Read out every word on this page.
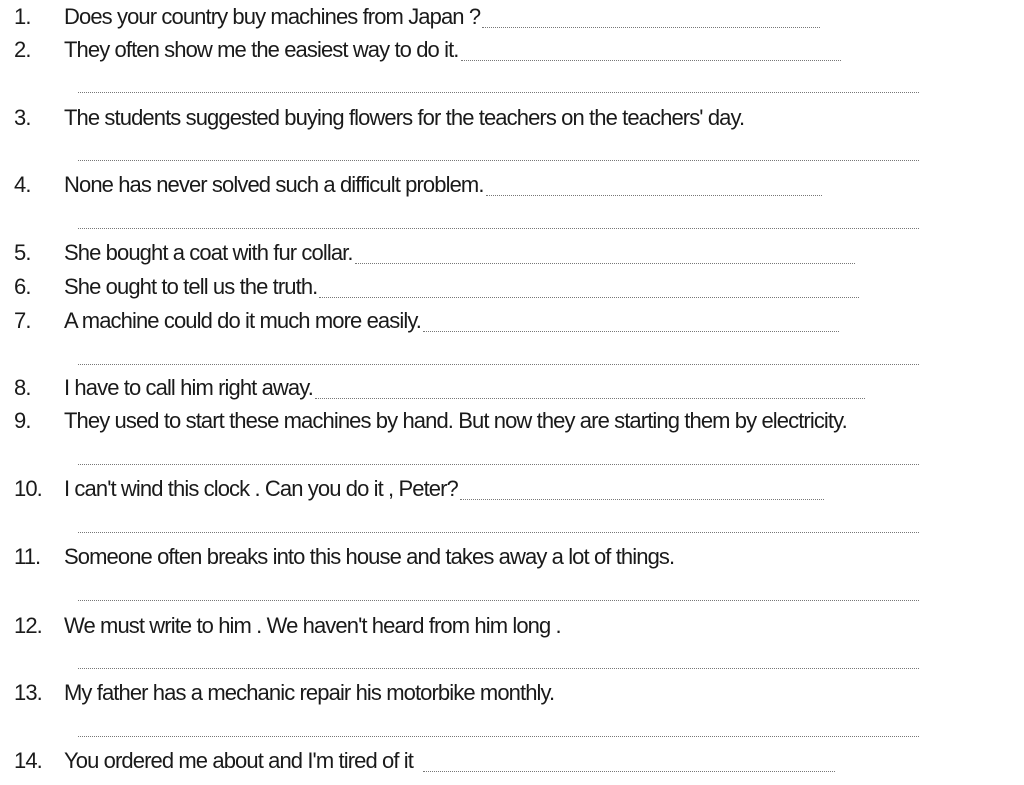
1.	Does your country buy machines from Japan ?
2.	They often show me the easiest way to do it.
3.	The students suggested buying flowers for the teachers on the teachers' day.
4.	None has never solved such a difficult problem.
5.	She bought a coat with fur collar.
6.	She ought to tell us the truth.
7.	A machine could do it much more easily.
8.	I have to call him right away.
9.	They used to start these machines by hand. But now they are starting them by electricity.
10.	I can't wind this clock . Can you do it , Peter?
11.	Someone often breaks into this house and takes away a lot of things.
12.	We must write to him . We haven't heard from him long .
13.	My father has a mechanic repair his motorbike monthly.
14.	You ordered me about and I'm tired of it
